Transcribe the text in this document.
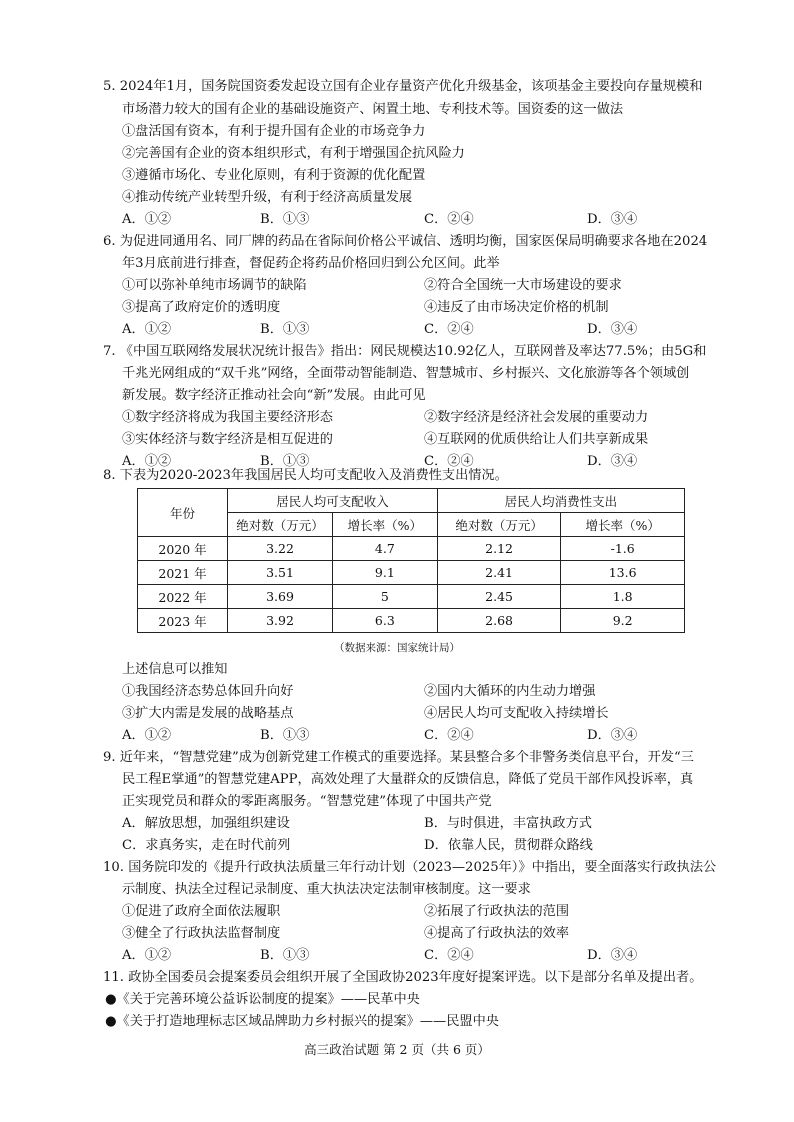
5. 2024年1月，国务院国资委发起设立国有企业存量资产优化升级基金，该项基金主要投向存量规模和
市场潜力较大的国有企业的基础设施资产、闲置土地、专利技术等。国资委的这一做法
①盘活国有资本，有利于提升国有企业的市场竞争力
②完善国有企业的资本组织形式，有利于增强国企抗风险力
③遵循市场化、专业化原则，有利于资源的优化配置
④推动传统产业转型升级，有利于经济高质量发展
A．①②	B．①③	C．②④	D．③④
6. 为促进同通用名、同厂牌的药品在省际间价格公平诚信、透明均衡，国家医保局明确要求各地在2024
年3月底前进行排查，督促药企将药品价格回归到公允区间。此举
①可以弥补单纯市场调节的缺陷	②符合全国统一大市场建设的要求
③提高了政府定价的透明度	④违反了由市场决定价格的机制
A．①②	B．①③	C．②④	D．③④
7. 《中国互联网络发展状况统计报告》指出：网民规模达10.92亿人，互联网普及率达77.5%；由5G和
千兆光网组成的“双千兆”网络，全面带动智能制造、智慧城市、乡村振兴、文化旅游等各个领域创
新发展。数字经济正推动社会向“新”发展。由此可见
①数字经济将成为我国主要经济形态	②数字经济是经济社会发展的重要动力
③实体经济与数字经济是相互促进的	④互联网的优质供给让人们共享新成果
A．①②	B．①③	C．②④	D．③④
8. 下表为2020-2023年我国居民人均可支配收入及消费性支出情况。
年份	居民人均可支配收入		居民人均消费性支出	
	绝对数（万元）	增长率（%）	绝对数（万元）	增长率（%）
2020 年	3.22	4.7	2.12	-1.6
2021 年	3.51	9.1	2.41	13.6
2022 年	3.69	5	2.45	1.8
2023 年	3.92	6.3	2.68	9.2
（数据来源：国家统计局）
上述信息可以推知
①我国经济态势总体回升向好	②国内大循环的内生动力增强
③扩大内需是发展的战略基点	④居民人均可支配收入持续增长
A．①②	B．①③	C．②④	D．③④
9. 近年来，“智慧党建”成为创新党建工作模式的重要选择。某县整合多个非警务类信息平台，开发“三
民工程E掌通”的智慧党建APP，高效处理了大量群众的反馈信息，降低了党员干部作风投诉率，真
正实现党员和群众的零距离服务。“智慧党建”体现了中国共产党
A．解放思想，加强组织建设	B．与时俱进，丰富执政方式
C．求真务实，走在时代前列	D．依靠人民，贯彻群众路线
10. 国务院印发的《提升行政执法质量三年行动计划（2023—2025年）》中指出，要全面落实行政执法公
示制度、执法全过程记录制度、重大执法决定法制审核制度。这一要求
①促进了政府全面依法履职	②拓展了行政执法的范围
③健全了行政执法监督制度	④提高了行政执法的效率
A．①②	B．①③	C．②④	D．③④
11. 政协全国委员会提案委员会组织开展了全国政协2023年度好提案评选。以下是部分名单及提出者。
●《关于完善环境公益诉讼制度的提案》——民革中央
●《关于打造地理标志区域品牌助力乡村振兴的提案》——民盟中央
高三政治试题 第 2 页（共 6 页）
